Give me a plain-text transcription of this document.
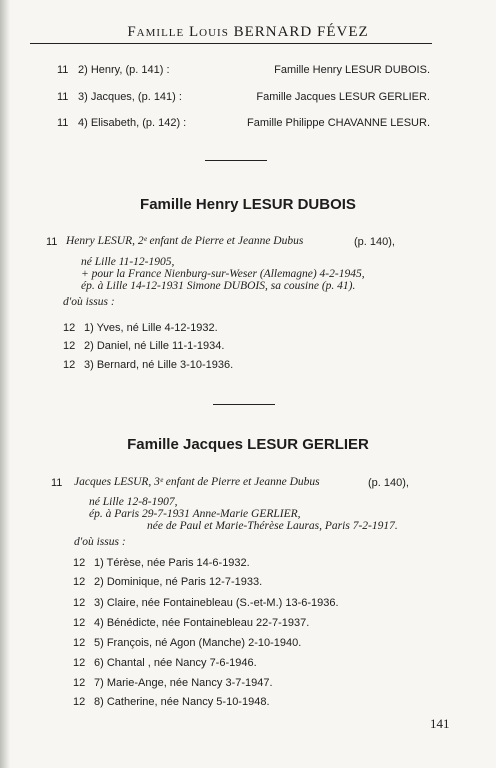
Famille Louis BERNARD FÉVEZ
11 2) Henry, (p. 141) :	Famille Henry LESUR DUBOIS.
11 3) Jacques, (p. 141) :	Famille Jacques LESUR GERLIER.
11 4) Elisabeth, (p. 142) :	Famille Philippe CHAVANNE LESUR.
Famille Henry LESUR DUBOIS
11 Henry LESUR, 2ᵉ enfant de Pierre et Jeanne Dubus	(p. 140),
né Lille 11-12-1905,
+ pour la France Nienburg-sur-Weser (Allemagne) 4-2-1945,
ép. à Lille 14-12-1931 Simone DUBOIS, sa cousine (p. 41).
d'où issus :
12 1) Yves, né Lille 4-12-1932.
12 2) Daniel, né Lille 11-1-1934.
12 3) Bernard, né Lille 3-10-1936.
Famille Jacques LESUR GERLIER
11 Jacques LESUR, 3ᵉ enfant de Pierre et Jeanne Dubus	(p. 140),
né Lille 12-8-1907,
ép. à Paris 29-7-1931 Anne-Marie GERLIER,
née de Paul et Marie-Thérèse Lauras, Paris 7-2-1917.
d'où issus :
12 1) Térèse, née Paris 14-6-1932.
12 2) Dominique, né Paris 12-7-1933.
12 3) Claire, née Fontainebleau (S.-et-M.) 13-6-1936.
12 4) Bénédicte, née Fontainebleau 22-7-1937.
12 5) François, né Agon (Manche) 2-10-1940.
12 6) Chantal , née Nancy 7-6-1946.
12 7) Marie-Ange, née Nancy 3-7-1947.
12 8) Catherine, née Nancy 5-10-1948.
141
